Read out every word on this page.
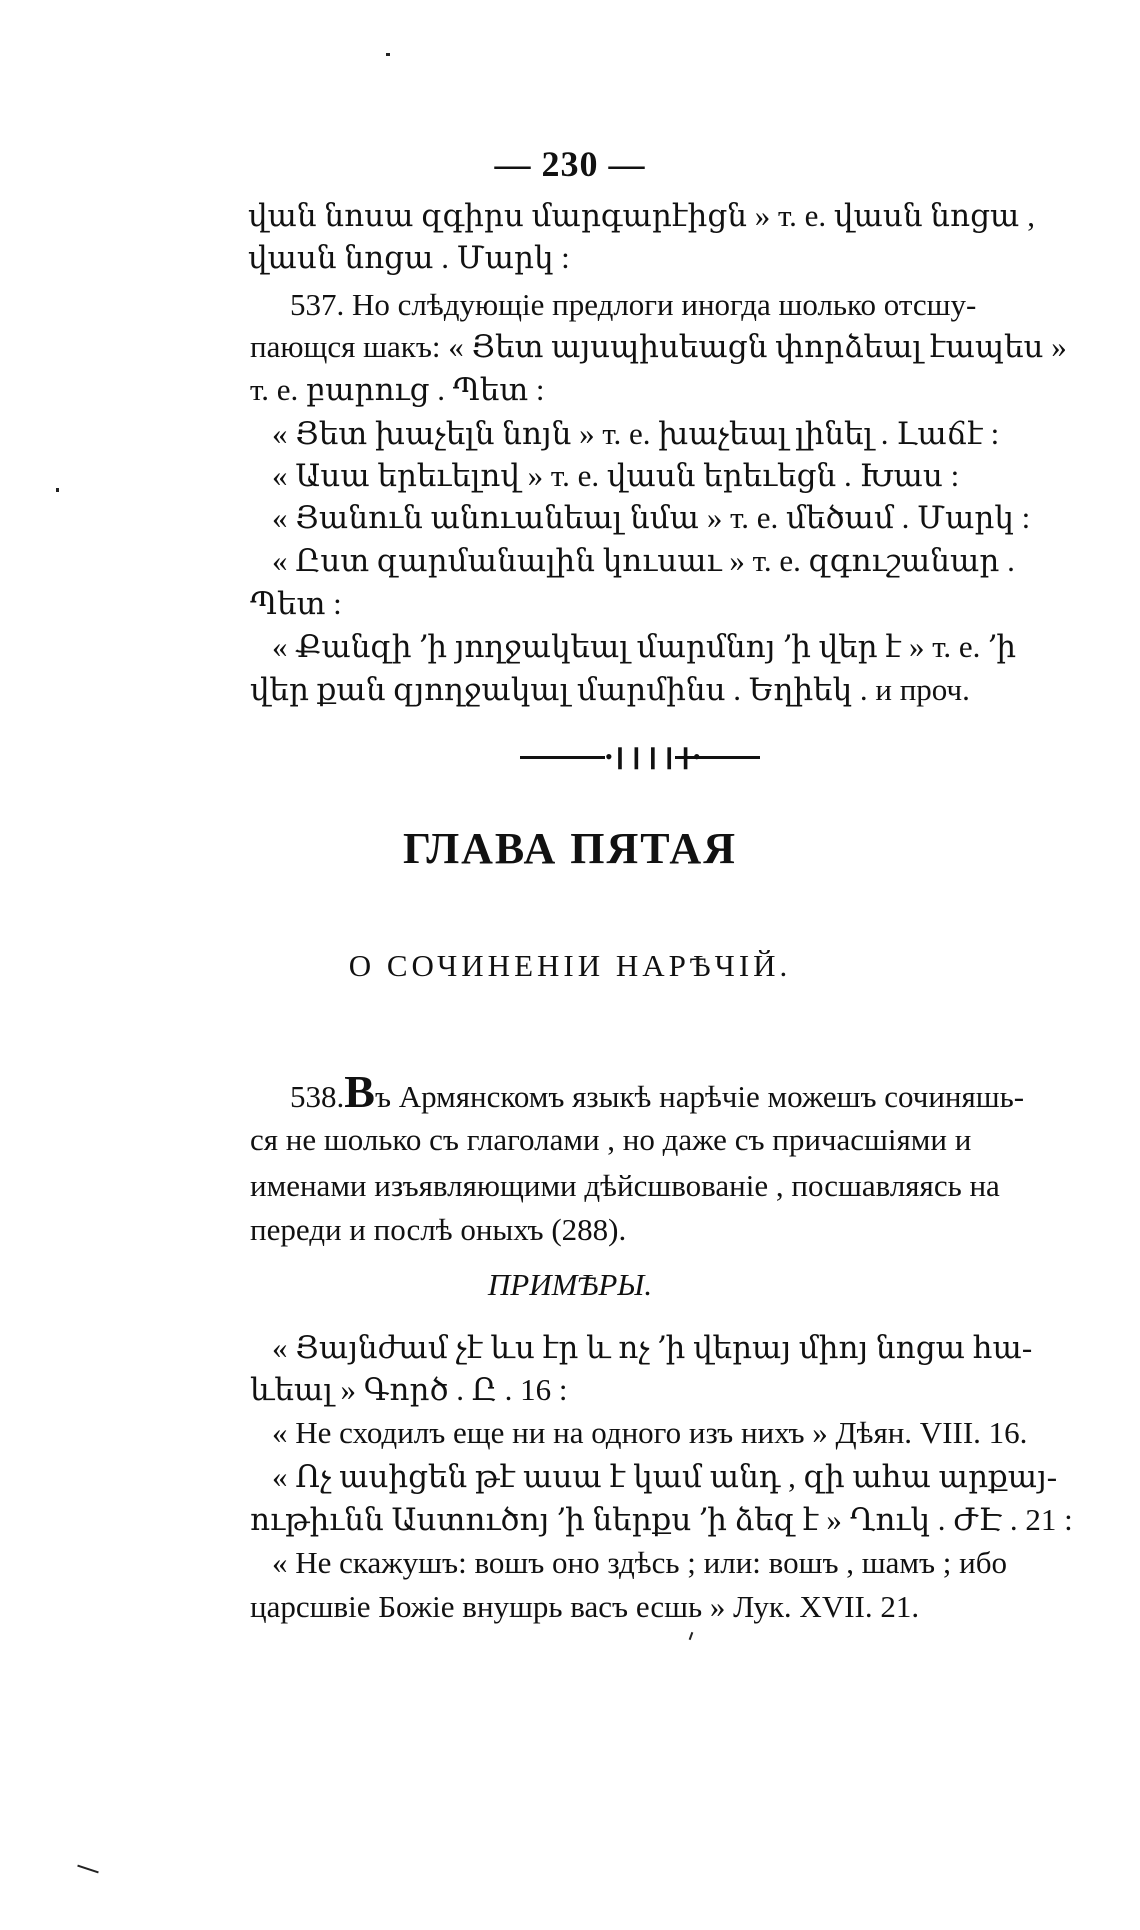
— 230 —
վան նոսա զգիրս մարգարէիցն » т. е. վասն նոցա ,
վասն նոցա . Մարկ :
537. Но слѣдующіе предлоги иногда шолько отсшу-
пающся шакъ: « Յետ այսպիսեացն փորձեալ էապես »
т. е. բարուց . Պետ :
« Յետ խաչելն նոյն » т. е. խաչեալ լինել . Լաճէ :
« Ասա երեւելով » т. е. վասն երեւեցն . Խաս :
« Յանուն անուանեալ նմա » т. е. մեծամ . Մարկ :
« Ըստ զարմանալին կուսաւ » т. е. զգուշանար .
Պետ :
« Քանզի ՚ի յողջակեալ մարմնոյ ՚ի վեր է » т. е. ՚ի
վեր քան զյողջակալ մարմինս . Եղիեկ . и проч.
•❙❙❙❙❙•
ГЛАВА ПЯТАЯ
О СОЧИНЕНІИ НАРѢЧІЙ.
538.Въ Армянскомъ языкѣ нарѣчіе можешъ сочиняшь-
ся не шолько съ глаголами , но даже съ причасшіями и
именами изъявляющими дѣйсшвованіе , посшавляясь на
переди и послѣ оныхъ (288).
ПРИМѢРЫ.
« Յայնժամ չէ ևս էր և ոչ ՚ի վերայ միոյ նոցա հա-
ևեալ » Գործ . Ը . 16 :
« Не сходилъ еще ни на одного изъ нихъ » Дѣян. VIII. 16.
« Ոչ ասիցեն թէ ասա է կամ անդ , զի ահա արքայ-
ութիւնն Աստուծոյ ՚ի ներքս ՚ի ձեզ է » Ղուկ . ԺԷ . 21 :
« Не скажушъ: вошъ оно здѣсь ; или: вошъ , шамъ ; ибо
царсшвіе Божіе внушрь васъ есшь » Лук. XVII. 21.
